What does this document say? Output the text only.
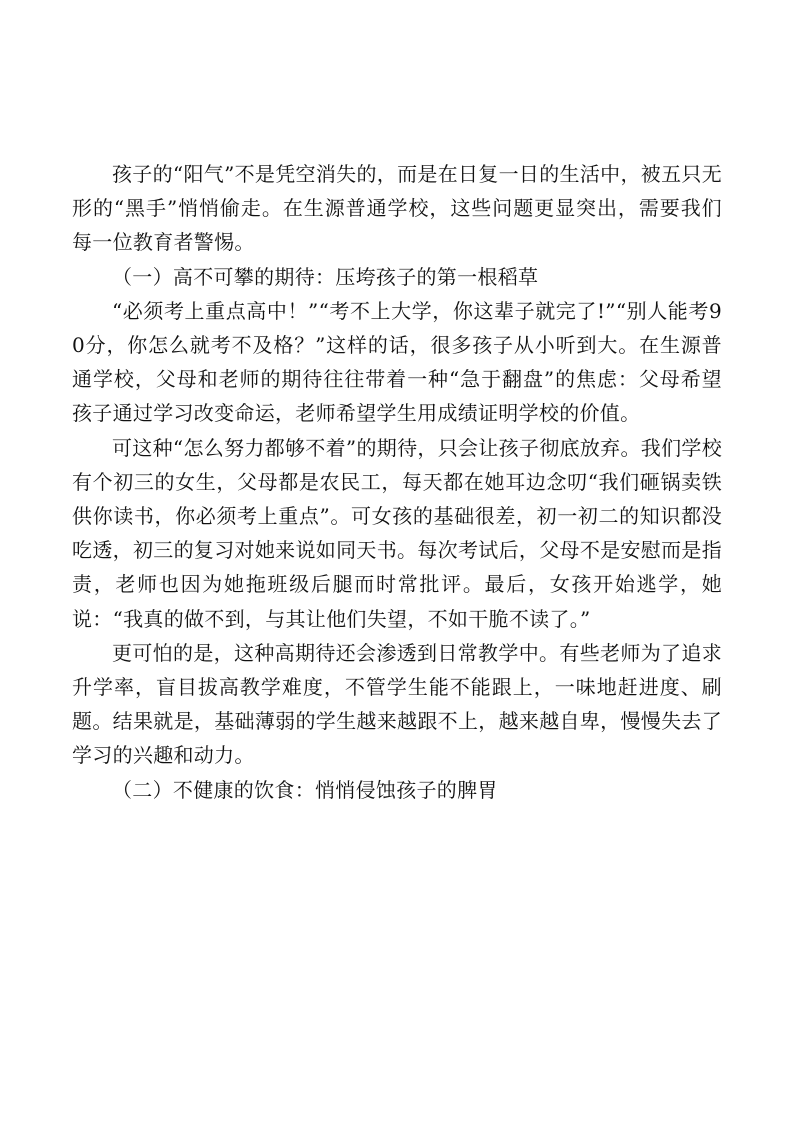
孩子的“阳气”不是凭空消失的，而是在日复一日的生活中，被五只无形的“黑手”悄悄偷走。在生源普通学校，这些问题更显突出，需要我们每一位教育者警惕。

（一）高不可攀的期待：压垮孩子的第一根稻草

“必须考上重点高中！”“考不上大学，你这辈子就完了!”“别人能考90分，你怎么就考不及格？”这样的话，很多孩子从小听到大。在生源普通学校，父母和老师的期待往往带着一种“急于翻盘”的焦虑：父母希望孩子通过学习改变命运，老师希望学生用成绩证明学校的价值。

可这种“怎么努力都够不着”的期待，只会让孩子彻底放弃。我们学校有个初三的女生，父母都是农民工，每天都在她耳边念叨“我们砸锅卖铁供你读书，你必须考上重点”。可女孩的基础很差，初一初二的知识都没吃透，初三的复习对她来说如同天书。每次考试后，父母不是安慰而是指责，老师也因为她拖班级后腿而时常批评。最后，女孩开始逃学，她说：“我真的做不到，与其让他们失望，不如干脆不读了。”

更可怕的是，这种高期待还会渗透到日常教学中。有些老师为了追求升学率，盲目拔高教学难度，不管学生能不能跟上，一味地赶进度、刷题。结果就是，基础薄弱的学生越来越跟不上，越来越自卑，慢慢失去了学习的兴趣和动力。

（二）不健康的饮食：悄悄侵蚀孩子的脾胃
